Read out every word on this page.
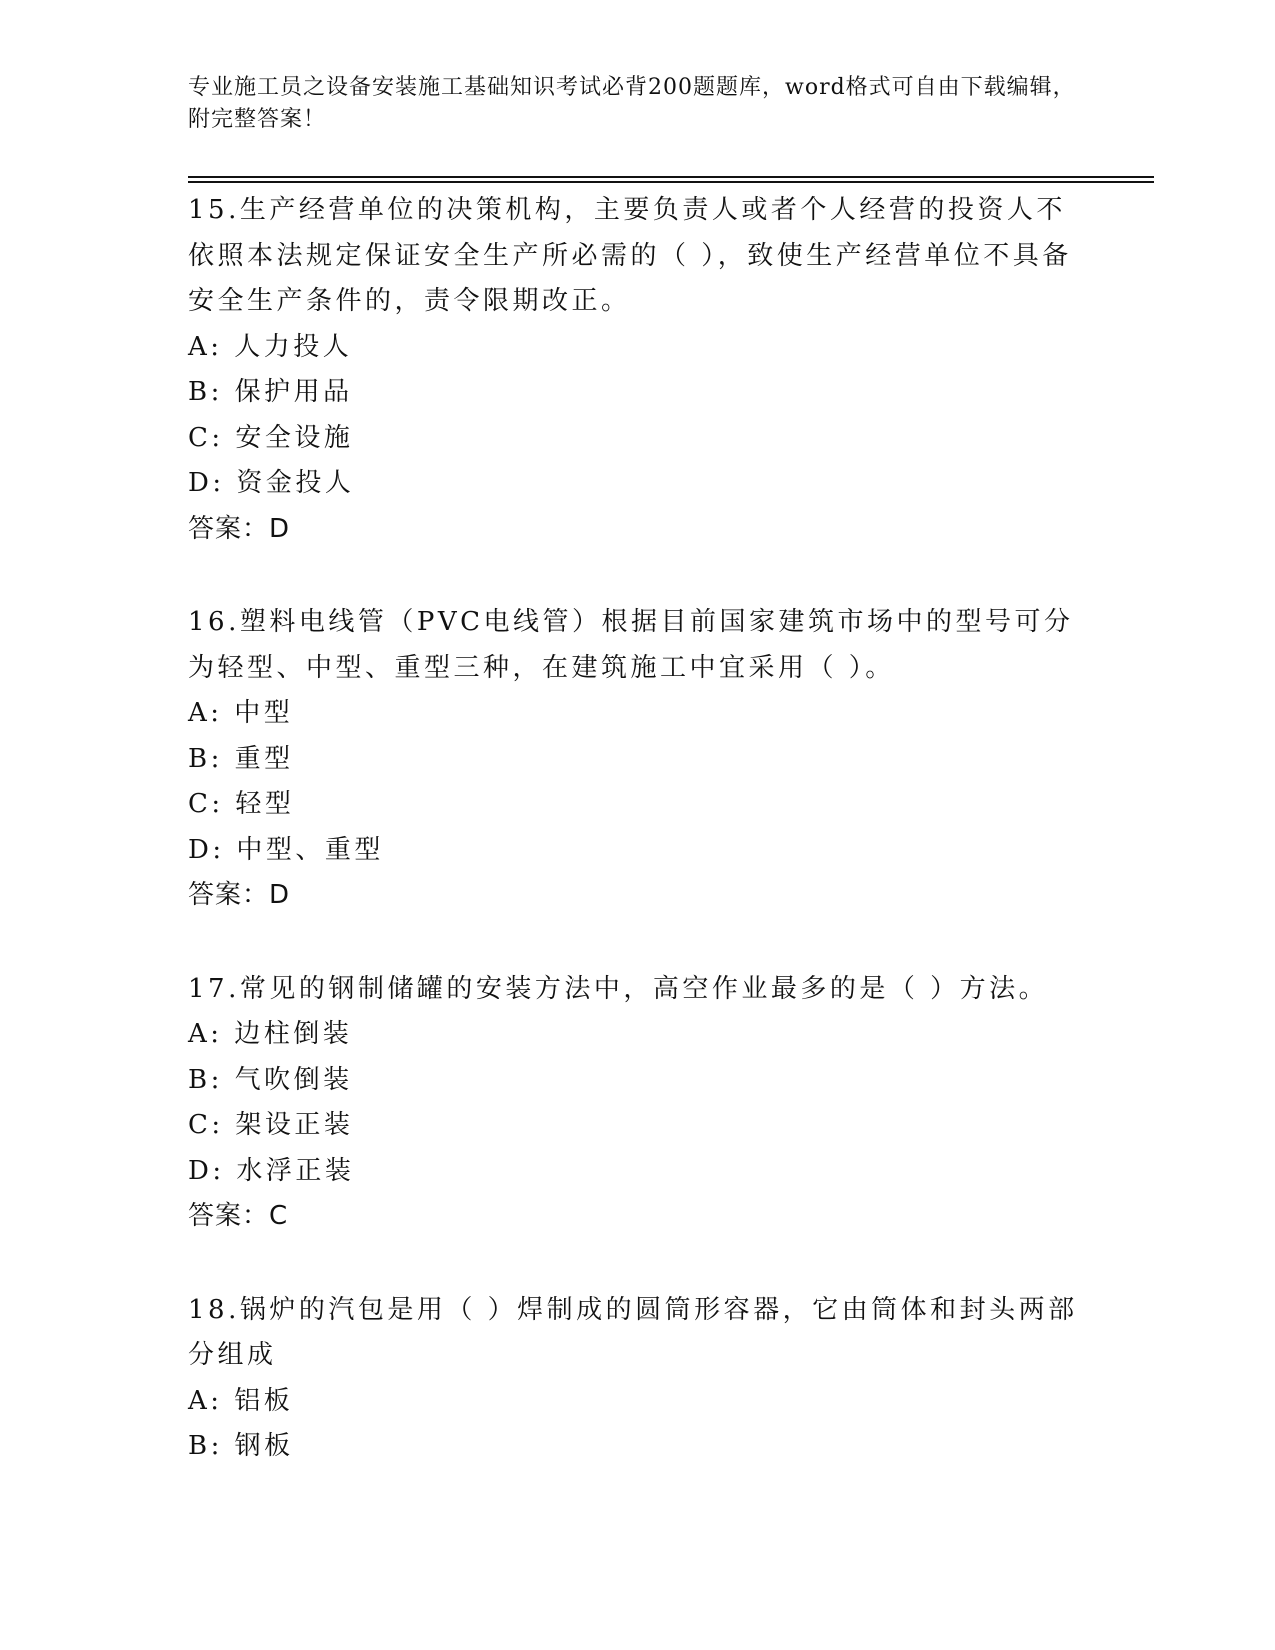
专业施工员之设备安装施工基础知识考试必背200题题库，word格式可自由下载编辑，附完整答案！
15.生产经营单位的决策机构，主要负责人或者个人经营的投资人不依照本法规定保证安全生产所必需的（ ），致使生产经营单位不具备安全生产条件的，责令限期改正。
A: 人力投人
B: 保护用品
C: 安全设施
D: 资金投人
答案：D
16.塑料电线管（PVC电线管）根据目前国家建筑市场中的型号可分为轻型、中型、重型三种，在建筑施工中宜采用（ ）。
A: 中型
B: 重型
C: 轻型
D: 中型、重型
答案：D
17.常见的钢制储罐的安装方法中，高空作业最多的是（ ）方法。
A: 边柱倒装
B: 气吹倒装
C: 架设正装
D: 水浮正装
答案：C
18.锅炉的汽包是用（ ）焊制成的圆筒形容器，它由筒体和封头两部分组成
A: 铝板
B: 钢板
